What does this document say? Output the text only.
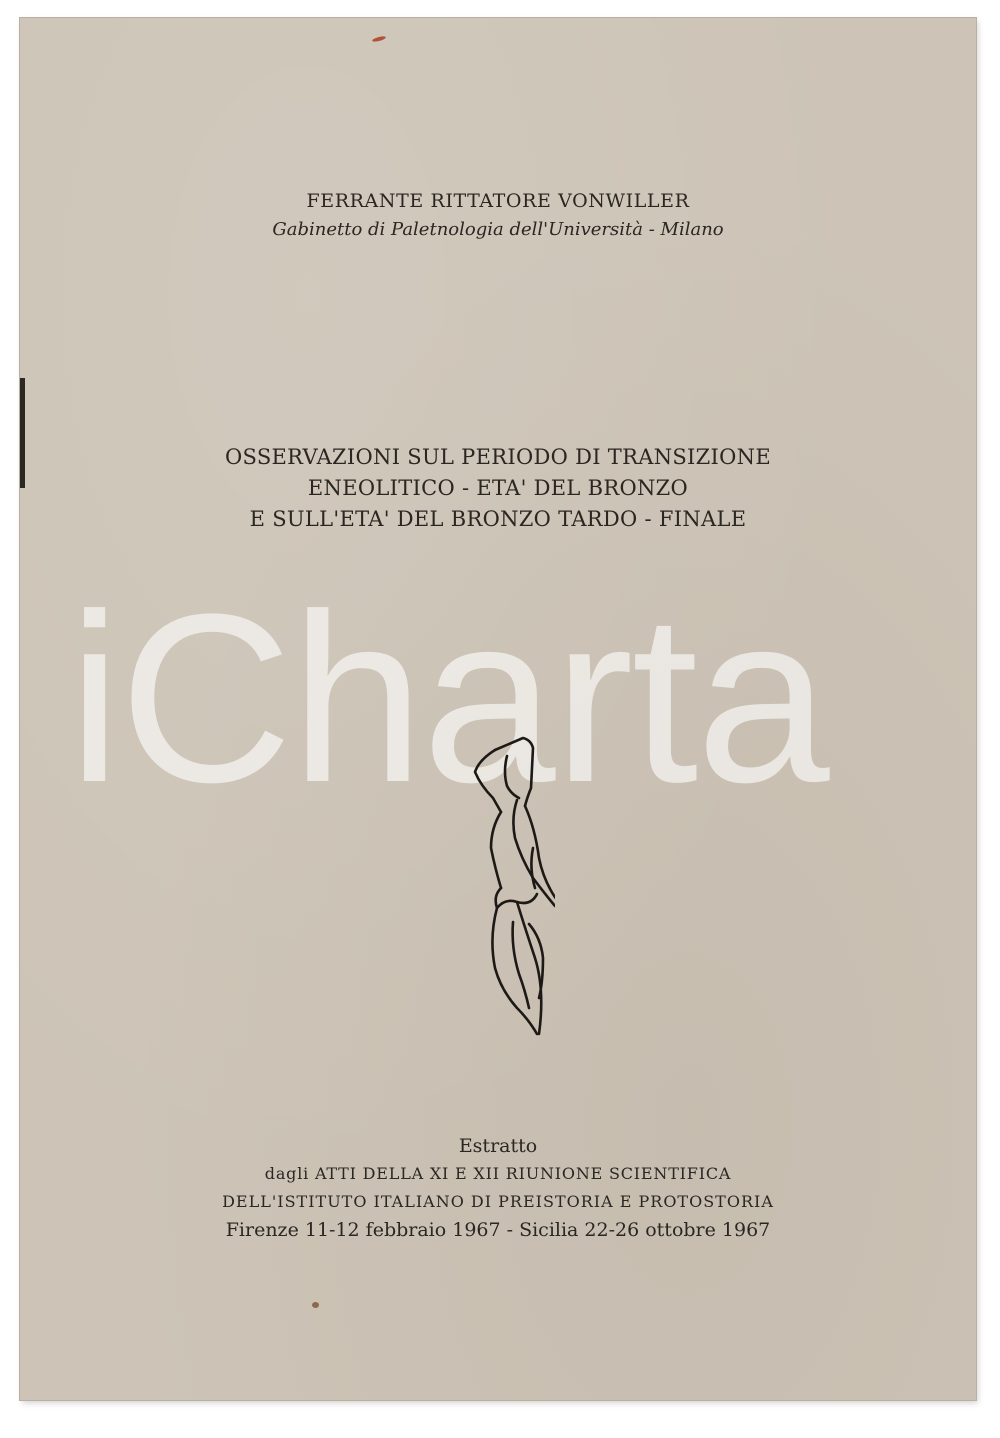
FERRANTE RITTATORE VONWILLER
Gabinetto di Paletnologia dell'Università - Milano
OSSERVAZIONI SUL PERIODO DI TRANSIZIONE
ENEOLITICO - ETA' DEL BRONZO
E SULL'ETA' DEL BRONZO TARDO - FINALE
iCharta
Estratto
dagli ATTI DELLA XI E XII RIUNIONE SCIENTIFICA
DELL'ISTITUTO ITALIANO DI PREISTORIA E PROTOSTORIA
Firenze 11-12 febbraio 1967 - Sicilia 22-26 ottobre 1967
